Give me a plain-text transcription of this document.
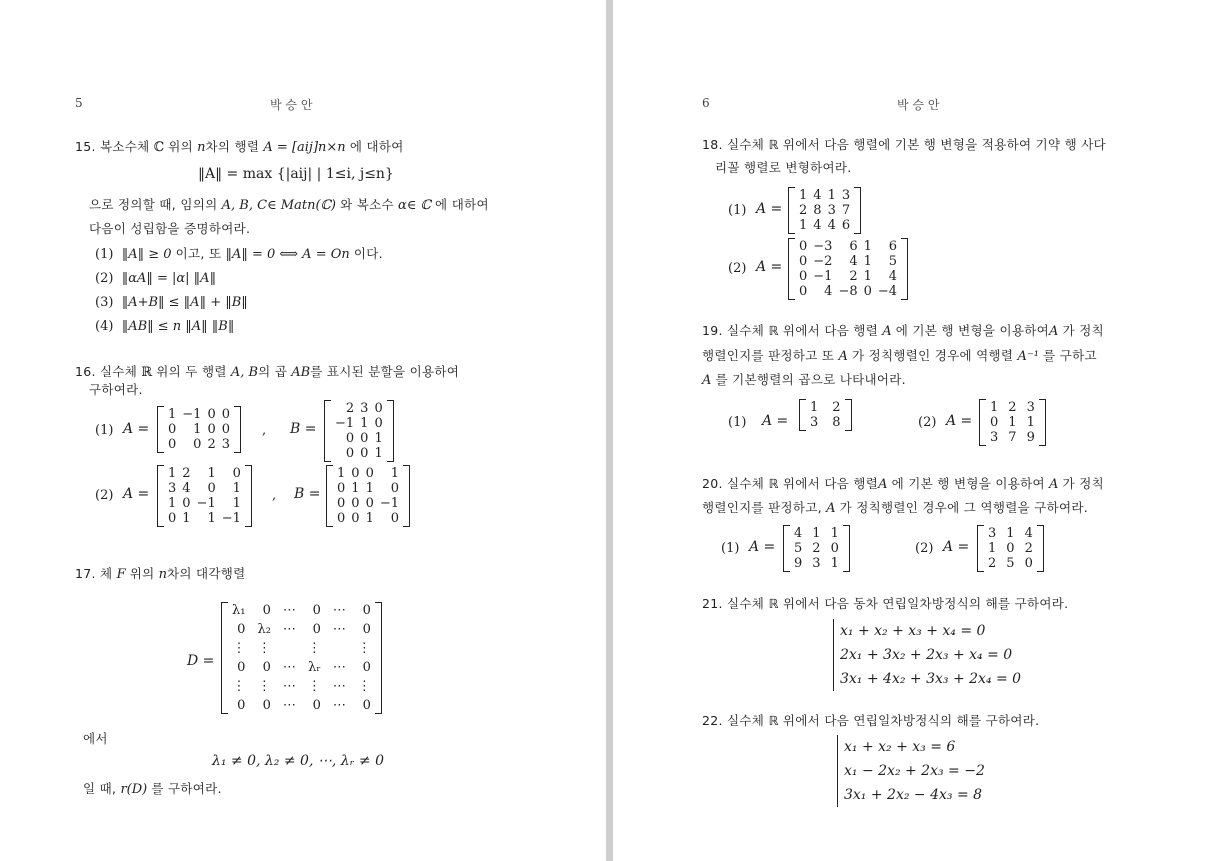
5	박 승 안
15. 복소수체 ℂ 위의 n차의 행렬 A = [aij]n×n 에 대하여
‖A‖ = max {|aij| | 1≤i, j≤n}
으로 정의할 때, 임의의 A, B, C∈ Matn(ℂ) 와 복소수 α∈ ℂ 에 대하여
다음이 성립함을 증명하여라.
(1) ‖A‖ ≥ 0 이고, 또 ‖A‖ = 0 ⟺ A = On 이다.
(2) ‖αA‖ = |α| ‖A‖
(3) ‖A+B‖ ≤ ‖A‖ + ‖B‖
(4) ‖AB‖ ≤ n ‖A‖ ‖B‖
16. 실수체 ℝ 위의 두 행렬 A, B의 곱 AB를 표시된 분할을 이용하여
구하여라.
(1) A =
1 −1 0 0
0	1 0 0
0	0 2 3
, B =
2 3 0
−1 1 0
0 0 1
0 0 1
(2) A =
1 2	1	0
3 4	0	1
1 0 −1	1
0 1	1 −1
, B =
1 0 0	1
0 1 1	0
0 0 0 −1
0 0 1	0
17. 체 F 위의 n차의 대각행렬
D =
λ₁	0 ⋯	0 ⋯	0
0 λ₂ ⋯	0 ⋯	0
⋮ ⋮	⋮	⋮
0	0 ⋯ λᵣ ⋯	0
⋮ ⋮ ⋯ ⋮ ⋯ ⋮
0	0 ⋯	0 ⋯	0
에서
λ₁ ≠ 0, λ₂ ≠ 0, ⋯, λᵣ ≠ 0
일 때, r(D) 를 구하여라.
6	박 승 안
18. 실수체 ℝ 위에서 다음 행렬에 기본 행 변형을 적용하여 기약 행 사다
리꼴 행렬로 변형하여라.
(1) A =
1 4 1 3
2 8 3 7
1 4 4 6
(2) A =
0 −3	6 1	6
0 −2	4 1	5
0 −1	2 1	4
0	4 −8 0 −4
19. 실수체 ℝ 위에서 다음 행렬 A 에 기본 행 변형을 이용하여A 가 정칙
행렬인지를 판정하고 또 A 가 정칙행렬인 경우에 역행렬 A⁻¹ 를 구하고
A 를 기본행렬의 곱으로 나타내어라.
(1) A =
1 2
3 8	(2) A =
1 2 3
0 1 1
3 7 9
20. 실수체 ℝ 위에서 다음 행렬A 에 기본 행 변형을 이용하여 A 가 정칙
행렬인지를 판정하고, A 가 정칙행렬인 경우에 그 역행렬을 구하여라.
(1) A =
4 1 1
5 2 0
9 3 1
(2) A =
3 1 4
1 0 2
2 5 0
21. 실수체 ℝ 위에서 다음 동차 연립일차방정식의 해를 구하여라.
x₁ + x₂ + x₃ + x₄ = 0
2x₁ + 3x₂ + 2x₃ + x₄ = 0
3x₁ + 4x₂ + 3x₃ + 2x₄ = 0
22. 실수체 ℝ 위에서 다음 연립일차방정식의 해를 구하여라.
x₁ + x₂ + x₃ = 6
x₁ − 2x₂ + 2x₃ = −2
3x₁ + 2x₂ − 4x₃ = 8
